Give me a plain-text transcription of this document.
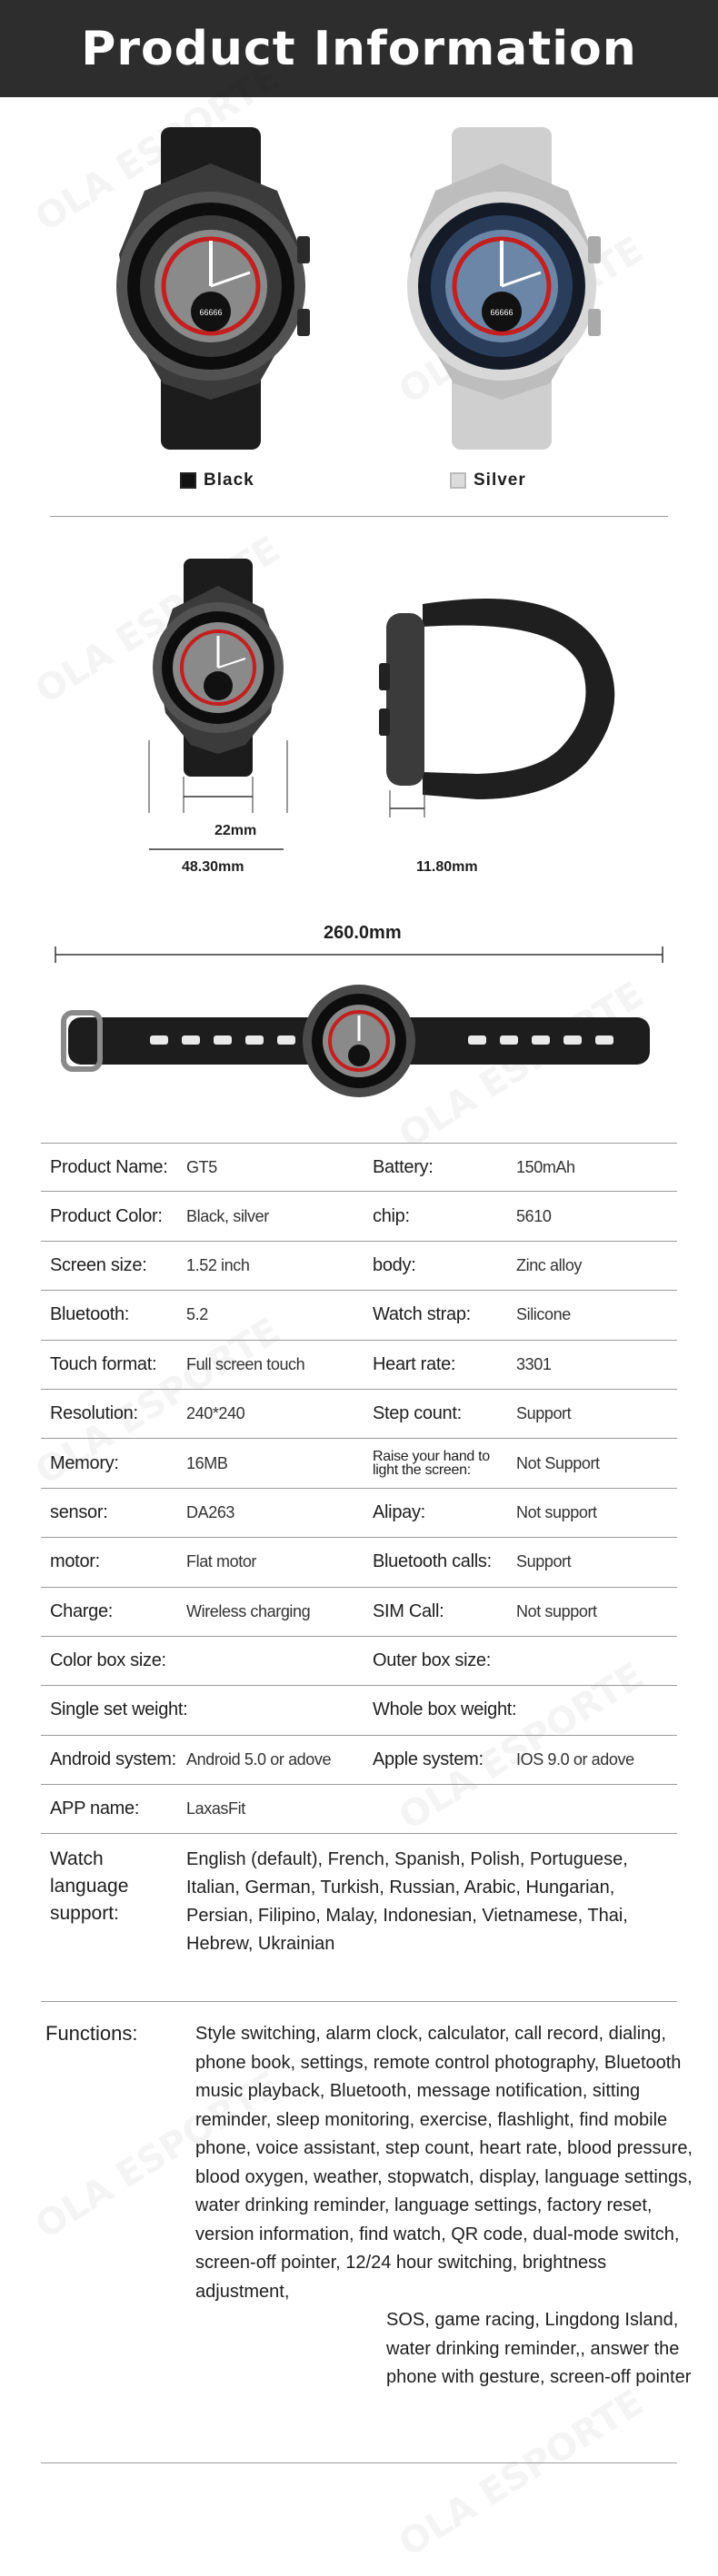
Product Information
66666	66666
Black	Silver
22mm
48.30mm	11.80mm
260.0mm
Product Name:	GT5	Battery:	150mAh
Product Color:	Black, silver	chip:	5610
Screen size:	1.52 inch	body:	Zinc alloy
Bluetooth:	5.2	Watch strap:	Silicone
Touch format:	Full screen touch	Heart rate:	3301
Resolution:	240*240	Step count:	Support
Memory:	16MB	Raise your hand to light the screen:	Not Support
sensor:	DA263	Alipay:	Not support
motor:	Flat motor	Bluetooth calls:	Support
Charge:	Wireless charging	SIM Call:	Not support
Color box size:	Outer box size:
Single set weight:	Whole box weight:
Android system: Android 5.0 or adove	Apple system:	IOS 9.0 or adove
APP name:	LaxasFit
Watch language support:
English (default), French, Spanish, Polish, Portuguese, Italian, German, Turkish, Russian, Arabic, Hungarian, Persian, Filipino, Malay, Indonesian, Vietnamese, Thai, Hebrew, Ukrainian
Functions:	Style switching, alarm clock, calculator, call record, dialing, phone book, settings, remote control photography, Bluetooth music playback, Bluetooth, message notification, sitting reminder, sleep monitoring, exercise, flashlight, find mobile phone, voice assistant, step count, heart rate, blood pressure, blood oxygen, weather, stopwatch, display, language settings, water drinking reminder, language settings, factory reset, version information, find watch, QR code, dual-mode switch, screen-off pointer, 12/24 hour switching, brightness adjustment,
SOS, game racing, Lingdong Island, water drinking reminder,, answer the phone with gesture, screen-off pointer
